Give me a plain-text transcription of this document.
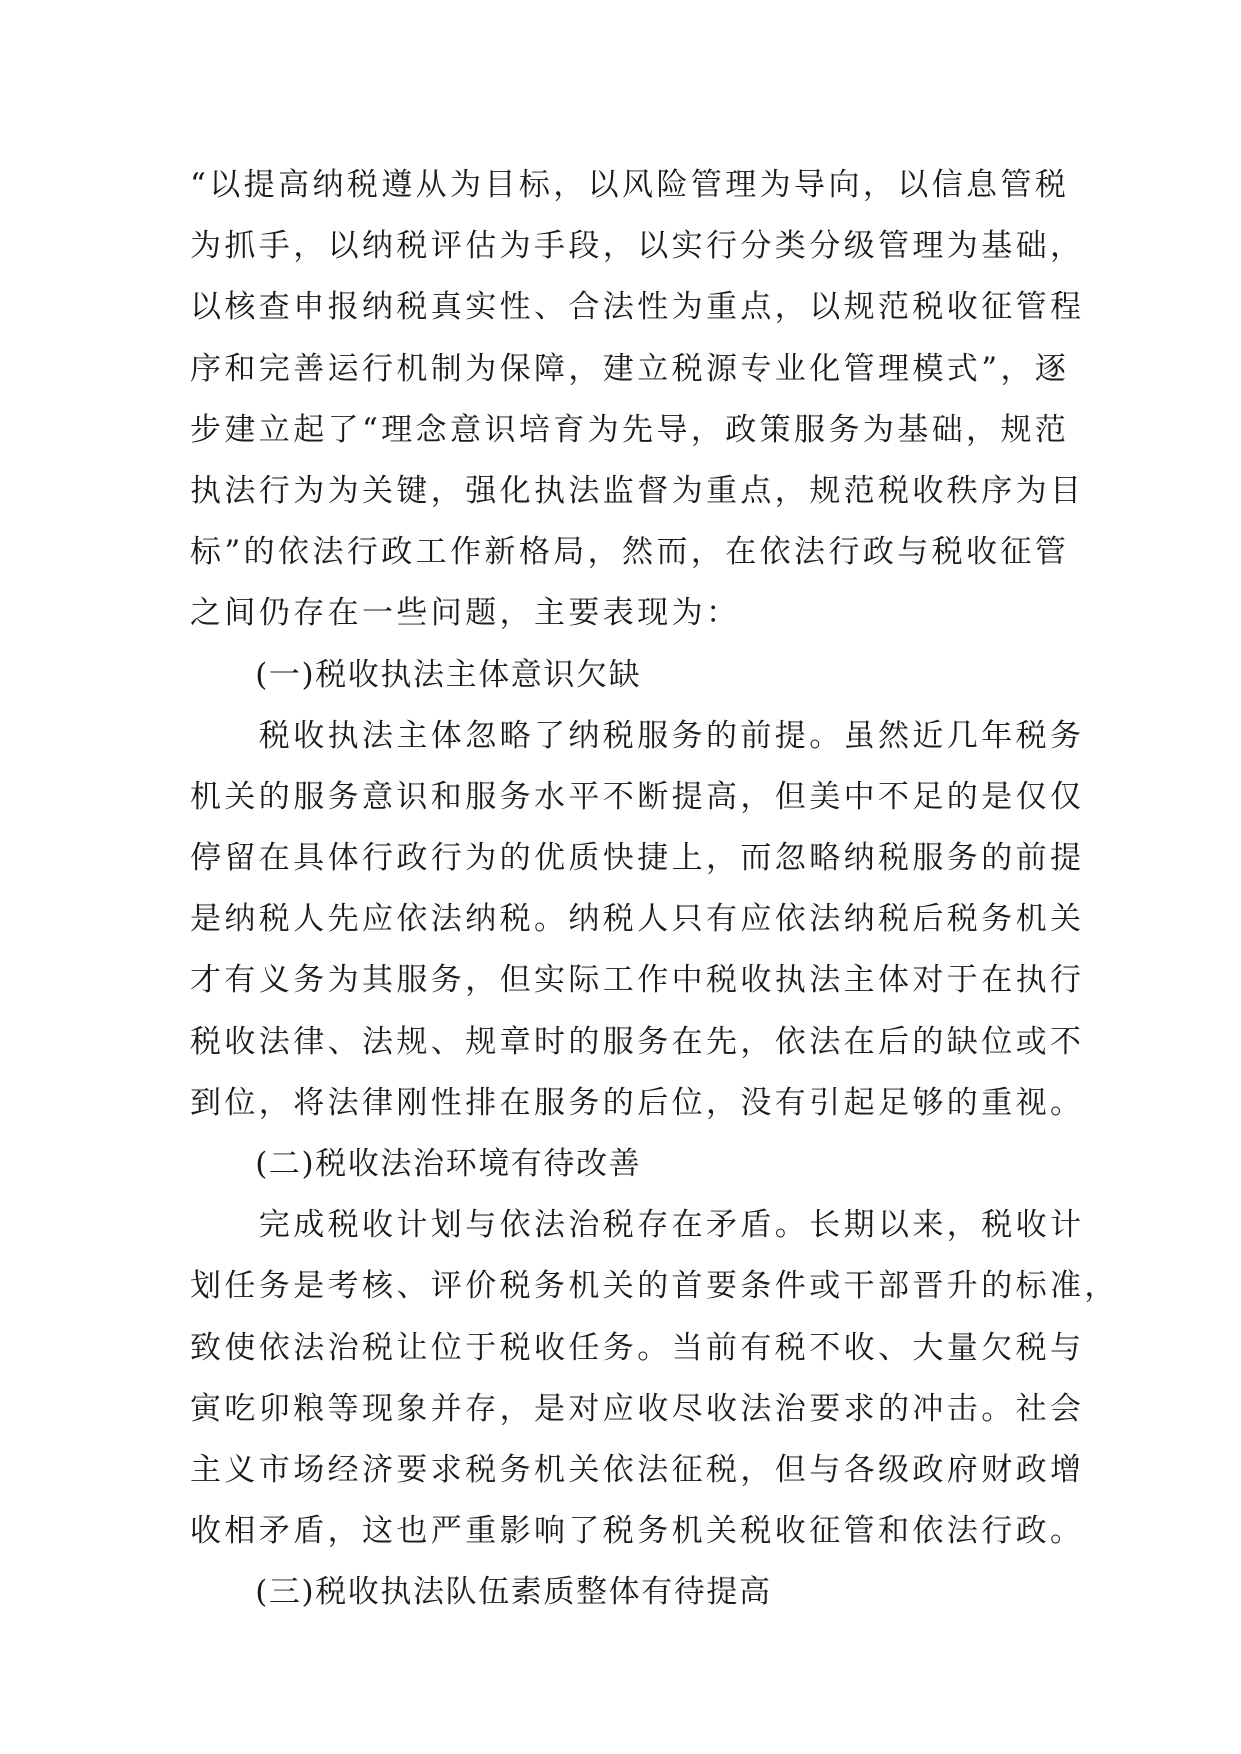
“以提高纳税遵从为目标，以风险管理为导向，以信息管税
为抓手，以纳税评估为手段，以实行分类分级管理为基础，
以核查申报纳税真实性、合法性为重点，以规范税收征管程
序和完善运行机制为保障，建立税源专业化管理模式”，逐
步建立起了“理念意识培育为先导，政策服务为基础，规范
执法行为为关键，强化执法监督为重点，规范税收秩序为目
标”的依法行政工作新格局，然而，在依法行政与税收征管
之间仍存在一些问题，主要表现为：
　　(一)税收执法主体意识欠缺
　　税收执法主体忽略了纳税服务的前提。虽然近几年税务
机关的服务意识和服务水平不断提高，但美中不足的是仅仅
停留在具体行政行为的优质快捷上，而忽略纳税服务的前提
是纳税人先应依法纳税。纳税人只有应依法纳税后税务机关
才有义务为其服务，但实际工作中税收执法主体对于在执行
税收法律、法规、规章时的服务在先，依法在后的缺位或不
到位，将法律刚性排在服务的后位，没有引起足够的重视。
　　(二)税收法治环境有待改善
　　完成税收计划与依法治税存在矛盾。长期以来，税收计
划任务是考核、评价税务机关的首要条件或干部晋升的标准，
致使依法治税让位于税收任务。当前有税不收、大量欠税与
寅吃卯粮等现象并存，是对应收尽收法治要求的冲击。社会
主义市场经济要求税务机关依法征税，但与各级政府财政增
收相矛盾，这也严重影响了税务机关税收征管和依法行政。
　　(三)税收执法队伍素质整体有待提高
